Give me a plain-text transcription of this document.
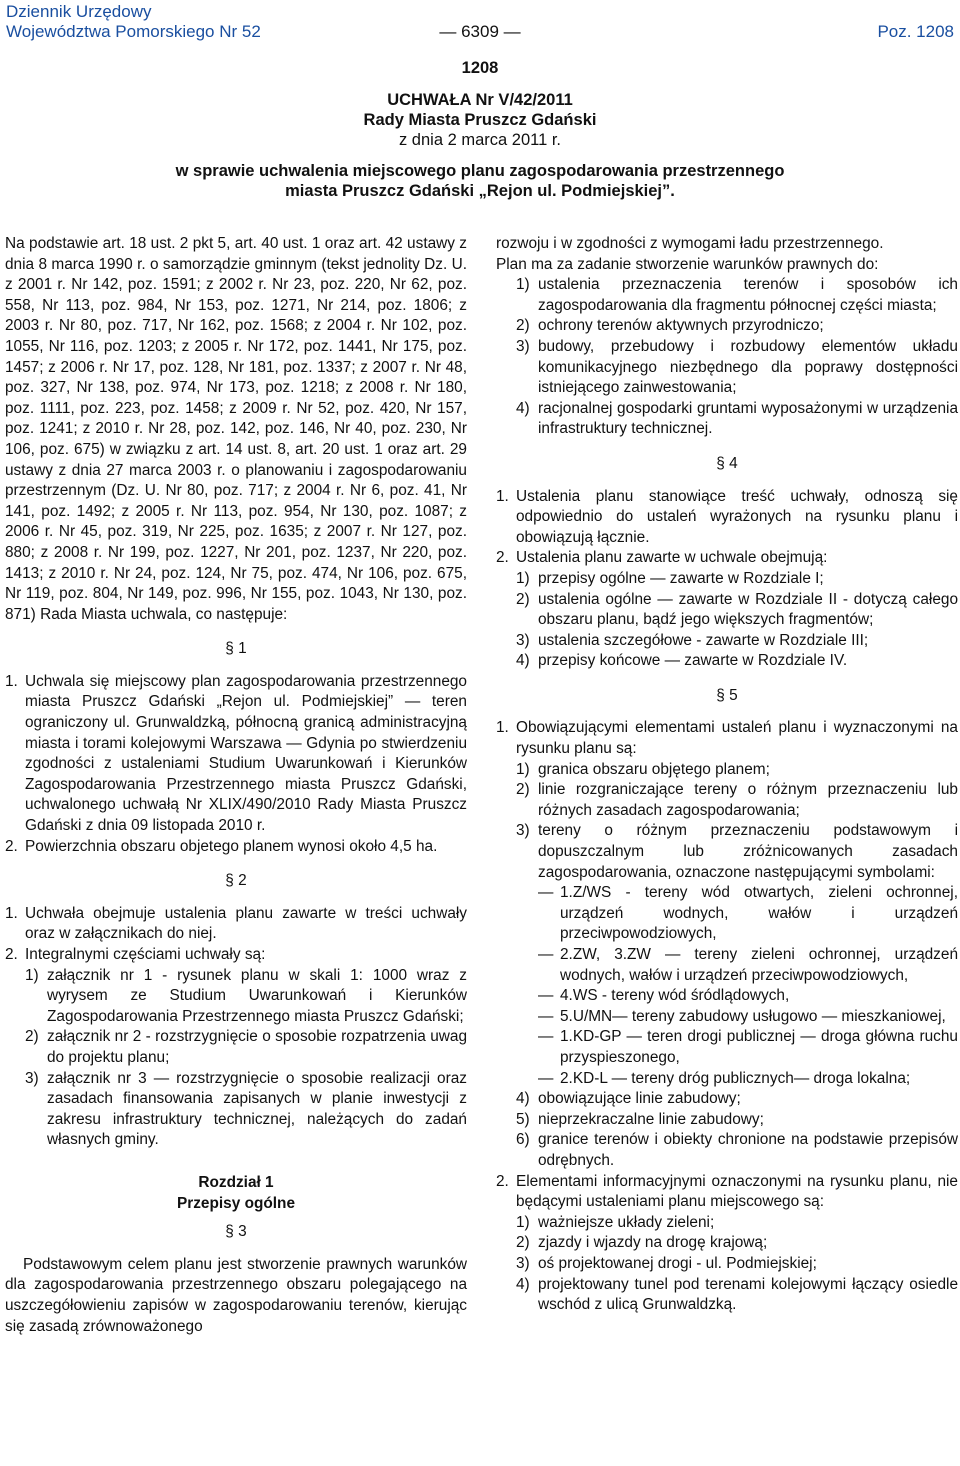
Dziennik Urzędowy
Województwa Pomorskiego Nr 52	— 6309 —	Poz. 1208
1208
UCHWAŁA Nr V/42/2011
Rady Miasta Pruszcz Gdański
z dnia 2 marca 2011 r.
w sprawie uchwalenia miejscowego planu zagospodarowania przestrzennego
miasta Pruszcz Gdański „Rejon ul. Podmiejskiej”.

Na podstawie art. 18 ust. 2 pkt 5, art. 40 ust. 1 oraz art. 42 ustawy z dnia 8 marca 1990 r. o samorządzie gminnym (tekst jednolity Dz. U. z 2001 r. Nr 142, poz. 1591; z 2002 r. Nr 23, poz. 220, Nr 62, poz. 558, Nr 113, poz. 984, Nr 153, poz. 1271, Nr 214, poz. 1806; z 2003 r. Nr 80, poz. 717, Nr 162, poz. 1568; z 2004 r. Nr 102, poz. 1055, Nr 116, poz. 1203; z 2005 r. Nr 172, poz. 1441, Nr 175, poz. 1457; z 2006 r. Nr 17, poz. 128, Nr 181, poz. 1337; z 2007 r. Nr 48, poz. 327, Nr 138, poz. 974, Nr 173, poz. 1218; z 2008 r. Nr 180, poz. 1111, poz. 223, poz. 1458; z 2009 r. Nr 52, poz. 420, Nr 157, poz. 1241; z 2010 r. Nr 28, poz. 142, poz. 146, Nr 40, poz. 230, Nr 106, poz. 675) w związku z art. 14 ust. 8, art. 20 ust. 1 oraz art. 29 ustawy z dnia 27 marca 2003 r. o planowaniu i zagospodarowaniu przestrzennym (Dz. U. Nr 80, poz. 717; z 2004 r. Nr 6, poz. 41, Nr 141, poz. 1492; z 2005 r. Nr 113, poz. 954, Nr 130, poz. 1087; z 2006 r. Nr 45, poz. 319, Nr 225, poz. 1635; z 2007 r. Nr 127, poz. 880; z 2008 r. Nr 199, poz. 1227, Nr 201, poz. 1237, Nr 220, poz. 1413; z 2010 r. Nr 24, poz. 124, Nr 75, poz. 474, Nr 106, poz. 675, Nr 119, poz. 804, Nr 149, poz. 996, Nr 155, poz. 1043, Nr 130, poz. 871) Rada Miasta uchwala, co następuje:

§ 1

1. Uchwala się miejscowy plan zagospodarowania przestrzennego miasta Pruszcz Gdański „Rejon ul. Podmiejskiej” — teren ograniczony ul. Grunwaldzką, północną granicą administracyjną miasta i torami kolejowymi Warszawa — Gdynia po stwierdzeniu zgodności z ustaleniami Studium Uwarunkowań i Kierunków Zagospodarowania Przestrzennego miasta Pruszcz Gdański, uchwalonego uchwałą Nr XLIX/490/2010 Rady Miasta Pruszcz Gdański z dnia 09 listopada 2010 r.
2. Powierzchnia obszaru objetego planem wynosi około 4,5 ha.

§ 2

1. Uchwała obejmuje ustalenia planu zawarte w treści uchwały oraz w załącznikach do niej.
2. Integralnymi częściami uchwały są:
1) załącznik nr 1 - rysunek planu w skali 1: 1000 wraz z wyrysem ze Studium Uwarunkowań i Kierunków Zagospodarowania Przestrzennego miasta Pruszcz Gdański;
2) załącznik nr 2 - rozstrzygnięcie o sposobie rozpatrzenia uwag do projektu planu;
3) załącznik nr 3 — rozstrzygnięcie o sposobie realizacji oraz zasadach finansowania zapisanych w planie inwestycji z zakresu infrastruktury technicznej, należących do zadań własnych gminy.

Rozdział 1

Przepisy ogólne

§ 3

Podstawowym celem planu jest stworzenie prawnych warunków dla zagospodarowania przestrzennego obszaru polegającego na uszczegółowieniu zapisów w zagospodarowaniu terenów, kierując się zasadą zrównoważonego

rozwoju i w zgodności z wymogami ładu przestrzennego.

Plan ma za zadanie stworzenie warunków prawnych do:

1) ustalenia przeznaczenia terenów i sposobów ich zagospodarowania dla fragmentu północnej części miasta;
2) ochrony terenów aktywnych przyrodniczo;
3) budowy, przebudowy i rozbudowy elementów układu komunikacyjnego niezbędnego dla poprawy dostępności istniejącego zainwestowania;
4) racjonalnej gospodarki gruntami wyposażonymi w urządzenia infrastruktury technicznej.

§ 4

1. Ustalenia planu stanowiące treść uchwały, odnoszą się odpowiednio do ustaleń wyrażonych na rysunku planu i obowiązują łącznie.
2. Ustalenia planu zawarte w uchwale obejmują:
1) przepisy ogólne — zawarte w Rozdziale I;
2) ustalenia ogólne — zawarte w Rozdziale II - dotyczą całego obszaru planu, bądź jego większych fragmentów;
3) ustalenia szczegółowe - zawarte w Rozdziale III;
4) przepisy końcowe — zawarte w Rozdziale IV.

§ 5

1. Obowiązującymi elementami ustaleń planu i wyznaczonymi na rysunku planu są:
1) granica obszaru objętego planem;
2) linie rozgraniczające tereny o różnym przeznaczeniu lub różnych zasadach zagospodarowania;
3) tereny o różnym przeznaczeniu podstawowym i dopuszczalnym lub zróżnicowanych zasadach zagospodarowania, oznaczone następującymi symbolami:
— 1.Z/WS - tereny wód otwartych, zieleni ochronnej, urządzeń wodnych, wałów i urządzeń przeciwpowodziowych,
— 2.ZW, 3.ZW — tereny zieleni ochronnej, urządzeń wodnych, wałów i urządzeń przeciwpowodziowych,
— 4.WS - tereny wód śródlądowych,
— 5.U/MN— tereny zabudowy usługowo — mieszkaniowej,
— 1.KD-GP — teren drogi publicznej — droga główna ruchu przyspieszonego,
— 2.KD-L — tereny dróg publicznych— droga lokalna;
4) obowiązujące linie zabudowy;
5) nieprzekraczalne linie zabudowy;
6) granice terenów i obiekty chronione na podstawie przepisów odrębnych.
2. Elementami informacyjnymi oznaczonymi na rysunku planu, nie będącymi ustaleniami planu miejscowego są:
1) ważniejsze układy zieleni;
2) zjazdy i wjazdy na drogę krajową;
3) oś projektowanej drogi - ul. Podmiejskiej;
4) projektowany tunel pod terenami kolejowymi łączący osiedle wschód z ulicą Grunwaldzką.
